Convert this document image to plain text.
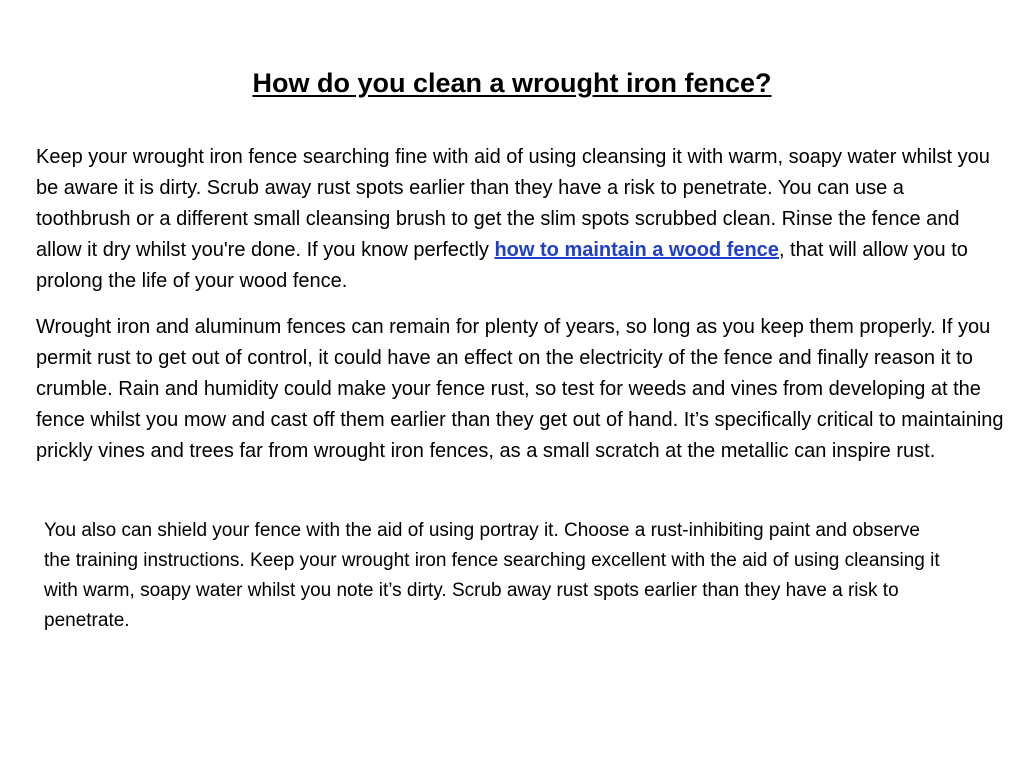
How do you clean a wrought iron fence?

Keep your wrought iron fence searching fine with aid of using cleansing it with warm, soapy water whilst you be aware it is dirty. Scrub away rust spots earlier than they have a risk to penetrate. You can use a toothbrush or a different small cleansing brush to get the slim spots scrubbed clean. Rinse the fence and allow it dry whilst you're done. If you know perfectly how to maintain a wood fence, that will allow you to prolong the life of your wood fence.

Wrought iron and aluminum fences can remain for plenty of years, so long as you keep them properly. If you permit rust to get out of control, it could have an effect on the electricity of the fence and finally reason it to crumble. Rain and humidity could make your fence rust, so test for weeds and vines from developing at the fence whilst you mow and cast off them earlier than they get out of hand. It’s specifically critical to maintaining prickly vines and trees far from wrought iron fences, as a small scratch at the metallic can inspire rust.

You also can shield your fence with the aid of using portray it. Choose a rust-inhibiting paint and observe the training instructions. Keep your wrought iron fence searching excellent with the aid of using cleansing it with warm, soapy water whilst you note it’s dirty. Scrub away rust spots earlier than they have a risk to penetrate.
